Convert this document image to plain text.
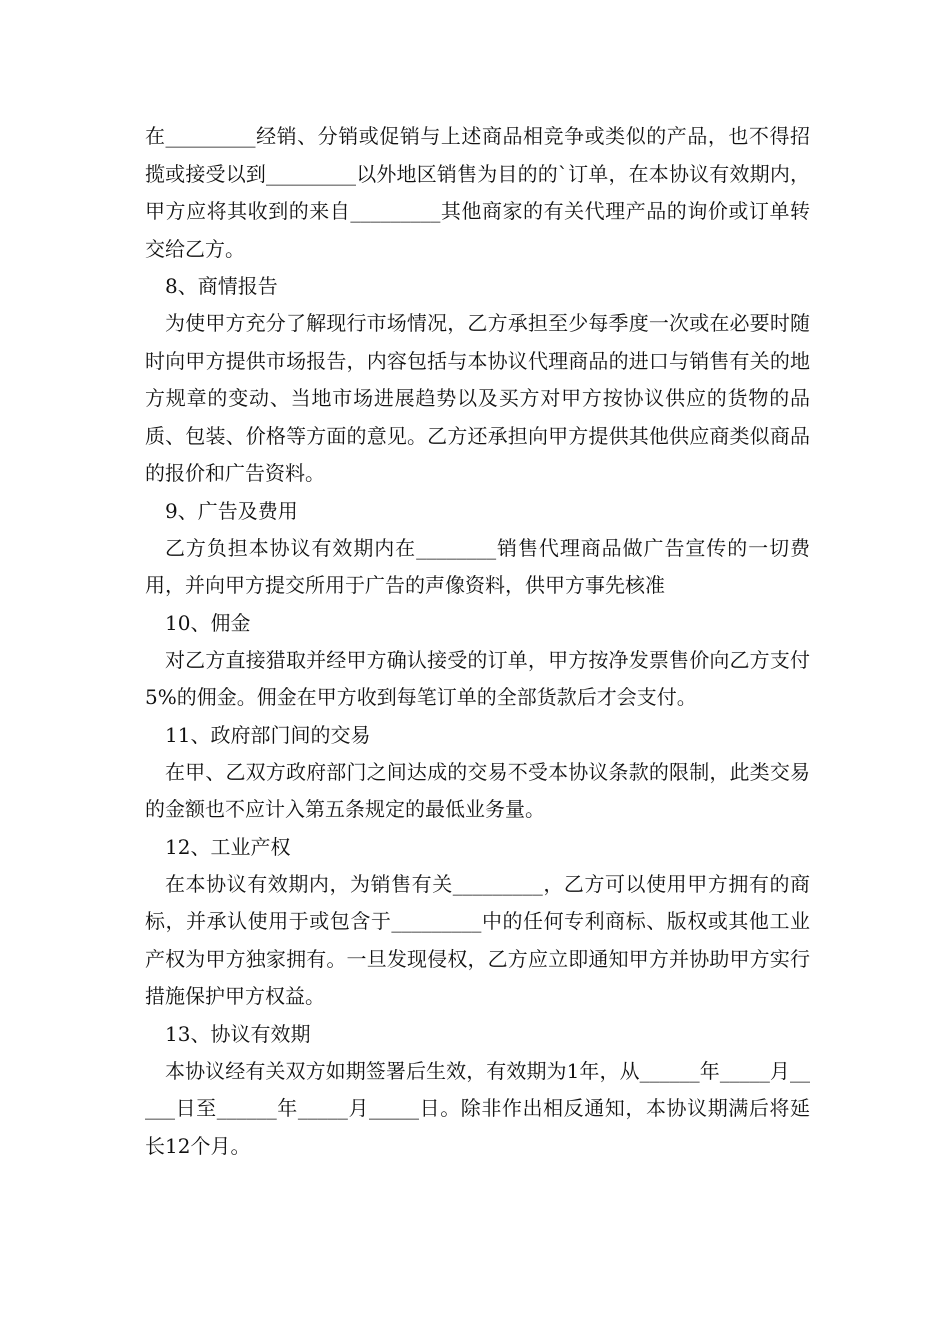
在_________经销、分销或促销与上述商品相竞争或类似的产品，也不得招揽或接受以到_________以外地区销售为目的的`订单，在本协议有效期内，甲方应将其收到的来自_________其他商家的有关代理产品的询价或订单转交给乙方。

8、商情报告

为使甲方充分了解现行市场情况，乙方承担至少每季度一次或在必要时随时向甲方提供市场报告，内容包括与本协议代理商品的进口与销售有关的地方规章的变动、当地市场进展趋势以及买方对甲方按协议供应的货物的品质、包装、价格等方面的意见。乙方还承担向甲方提供其他供应商类似商品的报价和广告资料。

9、广告及费用

乙方负担本协议有效期内在________销售代理商品做广告宣传的一切费用，并向甲方提交所用于广告的声像资料，供甲方事先核准

10、佣金

对乙方直接猎取并经甲方确认接受的订单，甲方按净发票售价向乙方支付5%的佣金。佣金在甲方收到每笔订单的全部货款后才会支付。

11、政府部门间的交易

在甲、乙双方政府部门之间达成的交易不受本协议条款的限制，此类交易的金额也不应计入第五条规定的最低业务量。

12、工业产权

在本协议有效期内，为销售有关_________，乙方可以使用甲方拥有的商标，并承认使用于或包含于_________中的任何专利商标、版权或其他工业产权为甲方独家拥有。一旦发现侵权，乙方应立即通知甲方并协助甲方实行措施保护甲方权益。

13、协议有效期

本协议经有关双方如期签署后生效，有效期为1年，从______年_____月_____日至______年_____月_____日。除非作出相反通知，本协议期满后将延长12个月。
